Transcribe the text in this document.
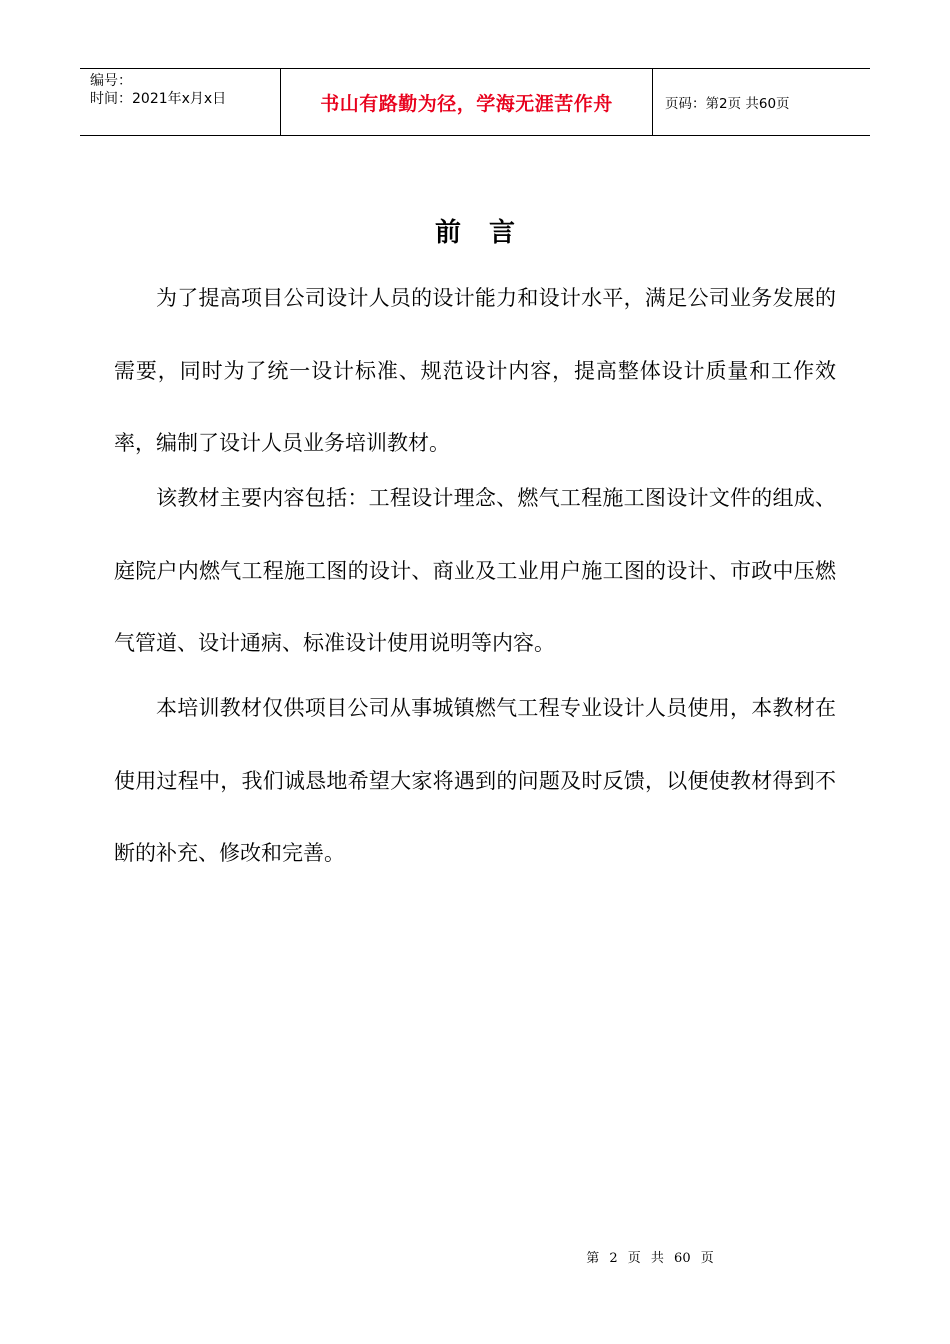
编号：
时间：2021年x月x日	书山有路勤为径，学海无涯苦作舟	页码：第2页 共60页
前言

为了提高项目公司设计人员的设计能力和设计水平，满足公司业务发展的需要，同时为了统一设计标准、规范设计内容，提高整体设计质量和工作效率，编制了设计人员业务培训教材。

该教材主要内容包括：工程设计理念、燃气工程施工图设计文件的组成、庭院户内燃气工程施工图的设计、商业及工业用户施工图的设计、市政中压燃气管道、设计通病、标准设计使用说明等内容。

本培训教材仅供项目公司从事城镇燃气工程专业设计人员使用，本教材在使用过程中，我们诚恳地希望大家将遇到的问题及时反馈，以便使教材得到不断的补充、修改和完善。

第 2 页 共 60 页
